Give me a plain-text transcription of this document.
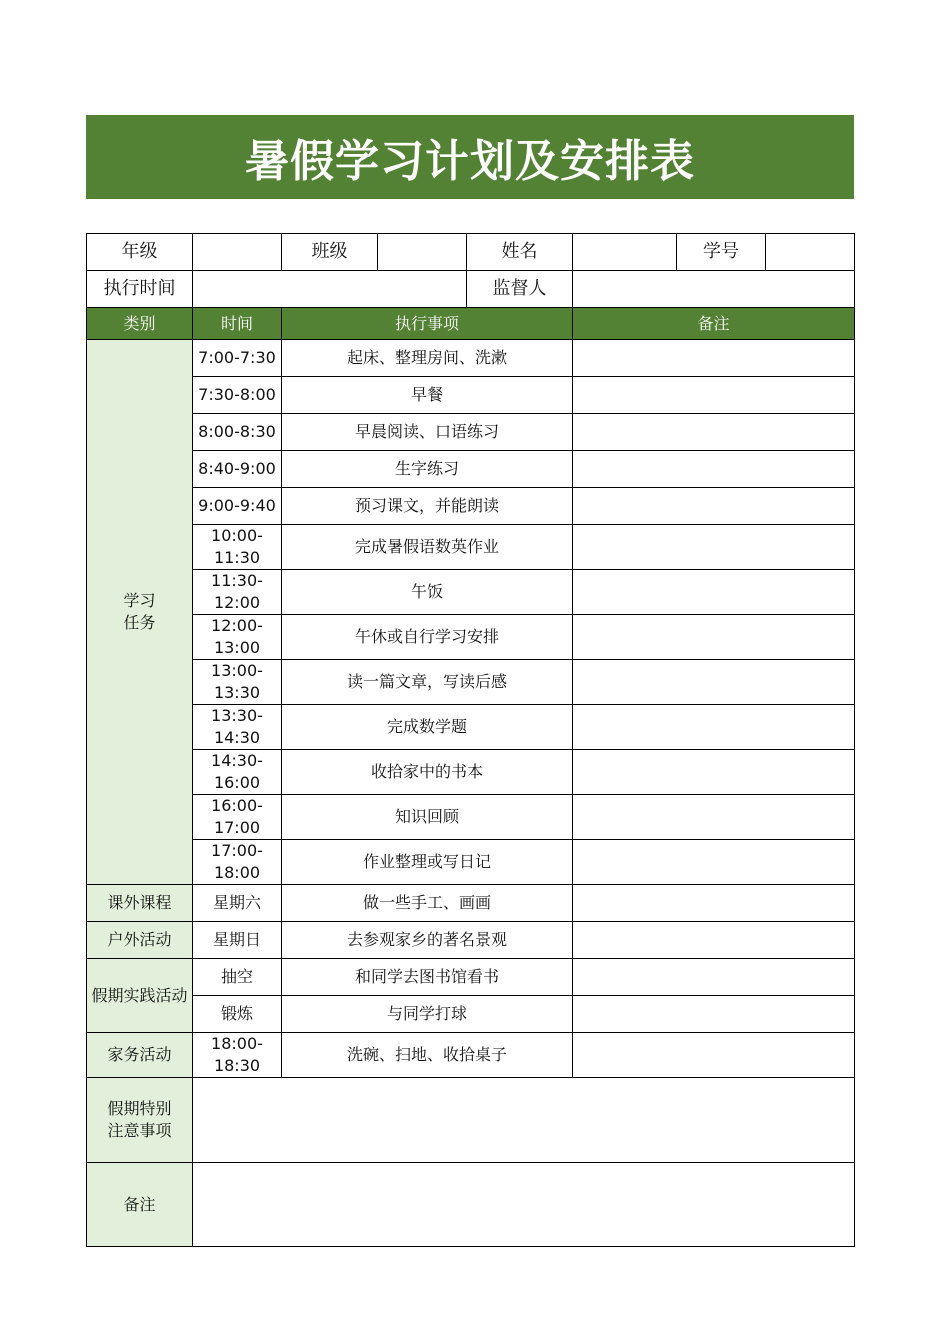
暑假学习计划及安排表
年级		班级		姓名		学号	
执行时间				监督人			
类别	时间	执行事项			备注		
学习
任务	7:00-7:30	起床、整理房间、洗漱					
	7:30-8:00	早餐					
	8:00-8:30	早晨阅读、口语练习					
	8:40-9:00	生字练习					
	9:00-9:40	预习课文，并能朗读					
	10:00-11:30	完成暑假语数英作业					
	11:30-12:00	午饭					
	12:00-13:00	午休或自行学习安排					
	13:00-13:30	读一篇文章，写读后感					
	13:30-14:30	完成数学题					
	14:30-16:00	收拾家中的书本					
	16:00-17:00	知识回顾					
	17:00-18:00	作业整理或写日记					
课外课程	星期六	做一些手工、画画					
户外活动	星期日	去参观家乡的著名景观					
假期实践活动	抽空	和同学去图书馆看书					
	锻炼	与同学打球					
家务活动	18:00-18:30	洗碗、扫地、收拾桌子					
假期特别
注意事项							
备注							
